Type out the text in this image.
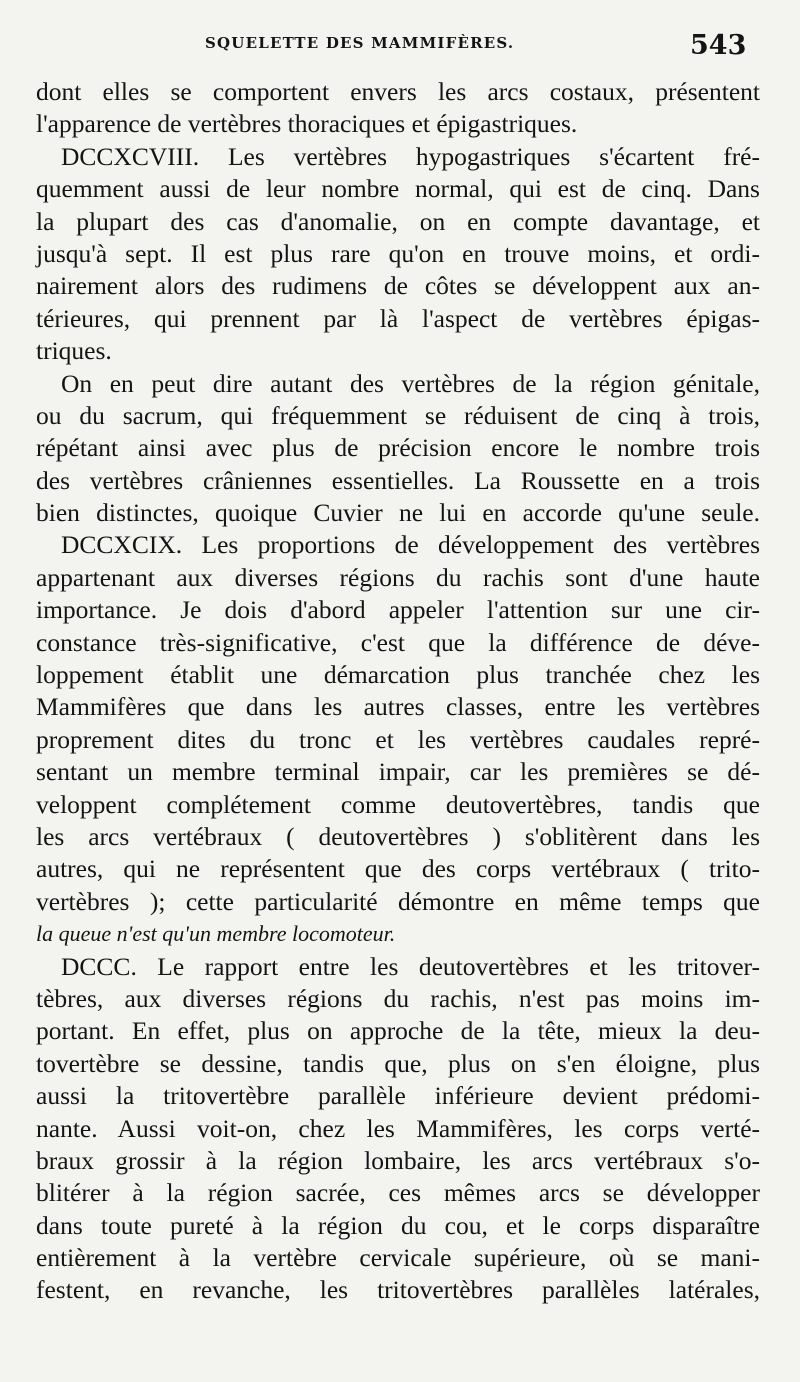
SQUELETTE DES MAMMIFÈRES.	543
dont elles se comportent envers les arcs costaux, présentent
l'apparence de vertèbres thoraciques et épigastriques.
DCCXCVIII. Les vertèbres hypogastriques s'écartent fré-
quemment aussi de leur nombre normal, qui est de cinq. Dans
la plupart des cas d'anomalie, on en compte davantage, et
jusqu'à sept. Il est plus rare qu'on en trouve moins, et ordi-
nairement alors des rudimens de côtes se développent aux an-
térieures, qui prennent par là l'aspect de vertèbres épigas-
triques.
On en peut dire autant des vertèbres de la région génitale,
ou du sacrum, qui fréquemment se réduisent de cinq à trois,
répétant ainsi avec plus de précision encore le nombre trois
des vertèbres crâniennes essentielles. La Roussette en a trois
bien distinctes, quoique Cuvier ne lui en accorde qu'une seule.
DCCXCIX. Les proportions de développement des vertèbres
appartenant aux diverses régions du rachis sont d'une haute
importance. Je dois d'abord appeler l'attention sur une cir-
constance très-significative, c'est que la différence de déve-
loppement établit une démarcation plus tranchée chez les
Mammifères que dans les autres classes, entre les vertèbres
proprement dites du tronc et les vertèbres caudales repré-
sentant un membre terminal impair, car les premières se dé-
veloppent complétement comme deutovertèbres, tandis que
les arcs vertébraux ( deutovertèbres ) s'oblitèrent dans les
autres, qui ne représentent que des corps vertébraux ( trito-
vertèbres ); cette particularité démontre en même temps que
la queue n'est qu'un membre locomoteur.
DCCC. Le rapport entre les deutovertèbres et les tritover-
tèbres, aux diverses régions du rachis, n'est pas moins im-
portant. En effet, plus on approche de la tête, mieux la deu-
tovertèbre se dessine, tandis que, plus on s'en éloigne, plus
aussi la tritovertèbre parallèle inférieure devient prédomi-
nante. Aussi voit-on, chez les Mammifères, les corps verté-
braux grossir à la région lombaire, les arcs vertébraux s'o-
blitérer à la région sacrée, ces mêmes arcs se développer
dans toute pureté à la région du cou, et le corps disparaître
entièrement à la vertèbre cervicale supérieure, où se mani-
festent, en revanche, les tritovertèbres parallèles latérales,
